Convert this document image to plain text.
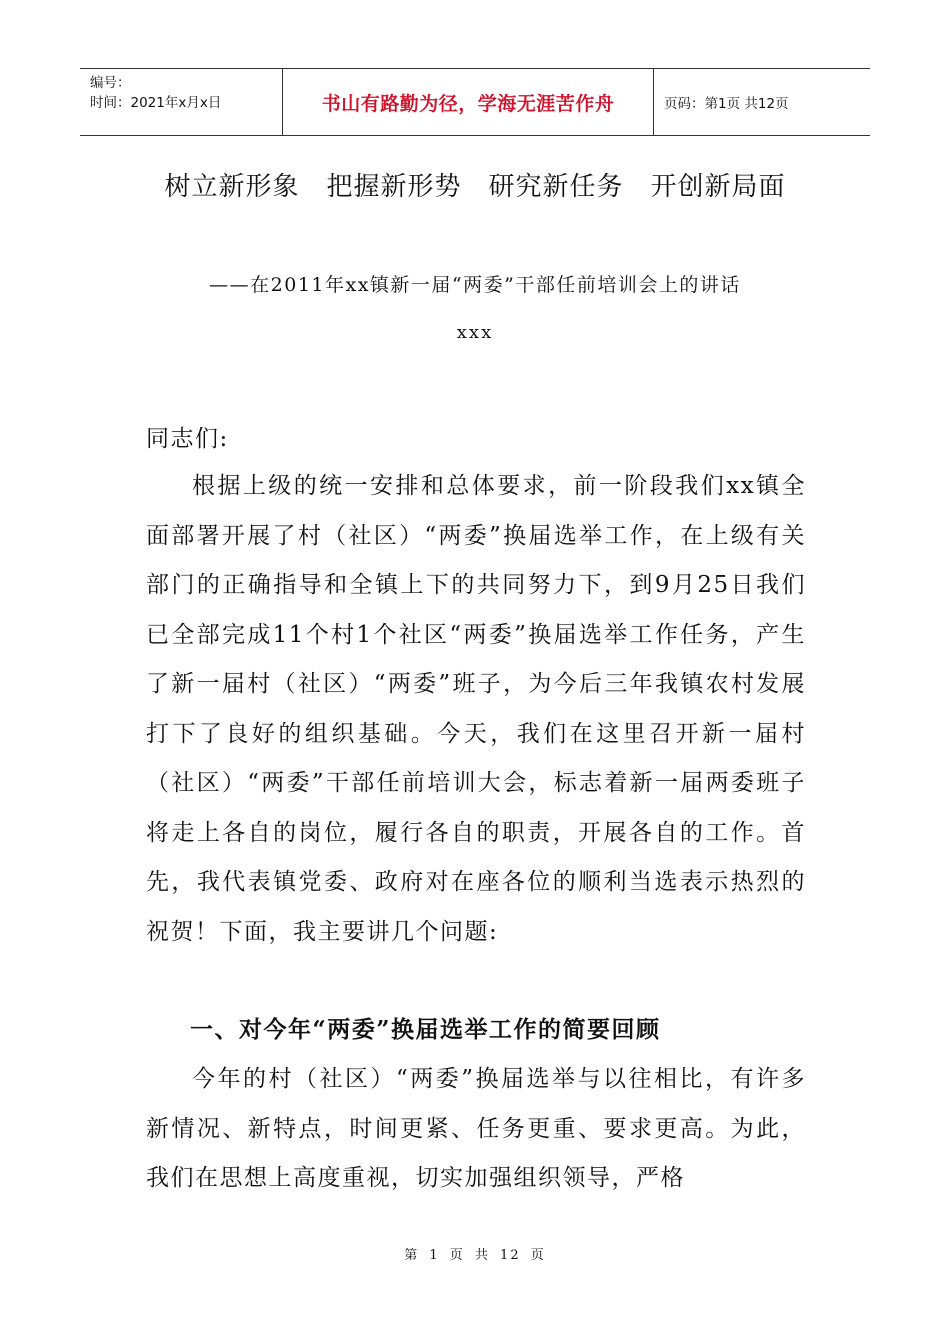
编号：
时间：2021年x月x日	书山有路勤为径，学海无涯苦作舟	页码：第1页 共12页
树立新形象　把握新形势　研究新任务　开创新局面
——在2011年xx镇新一届“两委”干部任前培训会上的讲话
xxx
同志们:

根据上级的统一安排和总体要求，前一阶段我们xx镇全面部署开展了村（社区）“两委”换届选举工作，在上级有关部门的正确指导和全镇上下的共同努力下，到9月25日我们已全部完成11个村1个社区“两委”换届选举工作任务，产生了新一届村（社区）“两委”班子，为今后三年我镇农村发展打下了良好的组织基础。今天，我们在这里召开新一届村（社区）“两委”干部任前培训大会，标志着新一届两委班子将走上各自的岗位，履行各自的职责，开展各自的工作。首先，我代表镇党委、政府对在座各位的顺利当选表示热烈的祝贺！下面，我主要讲几个问题:

一、对今年“两委”换届选举工作的简要回顾

今年的村（社区）“两委”换届选举与以往相比，有许多新情况、新特点，时间更紧、任务更重、要求更高。为此，我们在思想上高度重视，切实加强组织领导，严格

第 1 页 共 12 页
